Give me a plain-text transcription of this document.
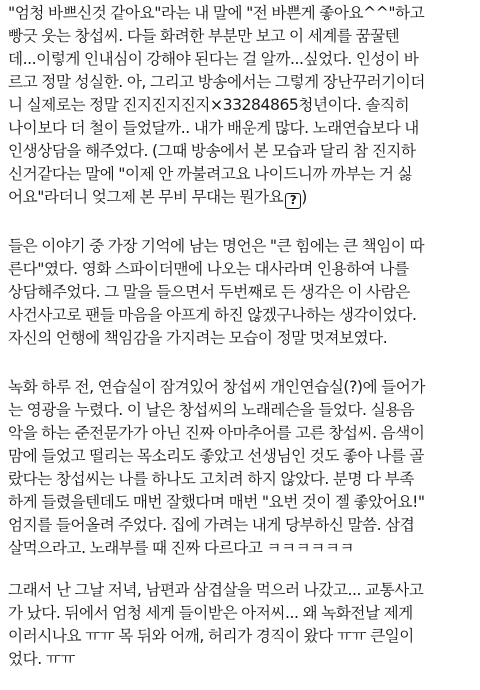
"엄청 바쁘신것 같아요"라는 내 말에 "전 바쁜게 좋아요^^"하고
빵긋 웃는 창섭씨. 다들 화려한 부분만 보고 이 세계를 꿈꿀텐
데...이렇게 인내심이 강해야 된다는 걸 알까...싶었다. 인성이 바
르고 정말 성실한. 아, 그리고 방송에서는 그렇게 장난꾸러기이더
니 실제로는 정말 진지진지진지×33284865청년이다. 솔직히
나이보다 더 철이 들었달까.. 내가 배운게 많다. 노래연습보다 내
인생상담을 해주었다. (그때 방송에서 본 모습과 달리 참 진지하
신거같다는 말에 "이제 안 까불려고요 나이드니까 까부는 거 싫
어요"라더니 엊그제 본 무비 무대는 뭔가요 ? )

들은 이야기 중 가장 기억에 남는 명언은 "큰 힘에는 큰 책임이 따
른다"였다. 영화 스파이더맨에 나오는 대사라며 인용하여 나를
상담해주었다. 그 말을 들으면서 두번째로 든 생각은 이 사람은
사건사고로 팬들 마음을 아프게 하진 않겠구나하는 생각이었다.
자신의 언행에 책임감을 가지려는 모습이 정말 멋져보였다.

녹화 하루 전, 연습실이 잠겨있어 창섭씨 개인연습실(?)에 들어가
는 영광을 누렸다. 이 날은 창섭씨의 노래레슨을 들었다. 실용음
악을 하는 준전문가가 아닌 진짜 아마추어를 고른 창섭씨. 음색이
맘에 들었고 떨리는 목소리도 좋았고 선생님인 것도 좋아 나를 골
랐다는 창섭씨는 나를 하나도 고치려 하지 않았다. 분명 다 부족
하게 들렸을텐데도 매번 잘했다며 매번 "요번 것이 젤 좋았어요!"
엄지를 들어올려 주었다. 집에 가려는 내게 당부하신 말씀. 삼겹
살먹으라고. 노래부를 때 진짜 다르다고 ㅋㅋㅋㅋㅋㅋ

그래서 난 그날 저녁, 남편과 삼겹살을 먹으러 나갔고... 교통사고
가 났다. 뒤에서 엄청 세게 들이받은 아저씨... 왜 녹화전날 제게
이러시나요 ㅠㅠ 목 뒤와 어깨, 허리가 경직이 왔다 ㅠㅠ 큰일이
었다. ㅠㅠ
